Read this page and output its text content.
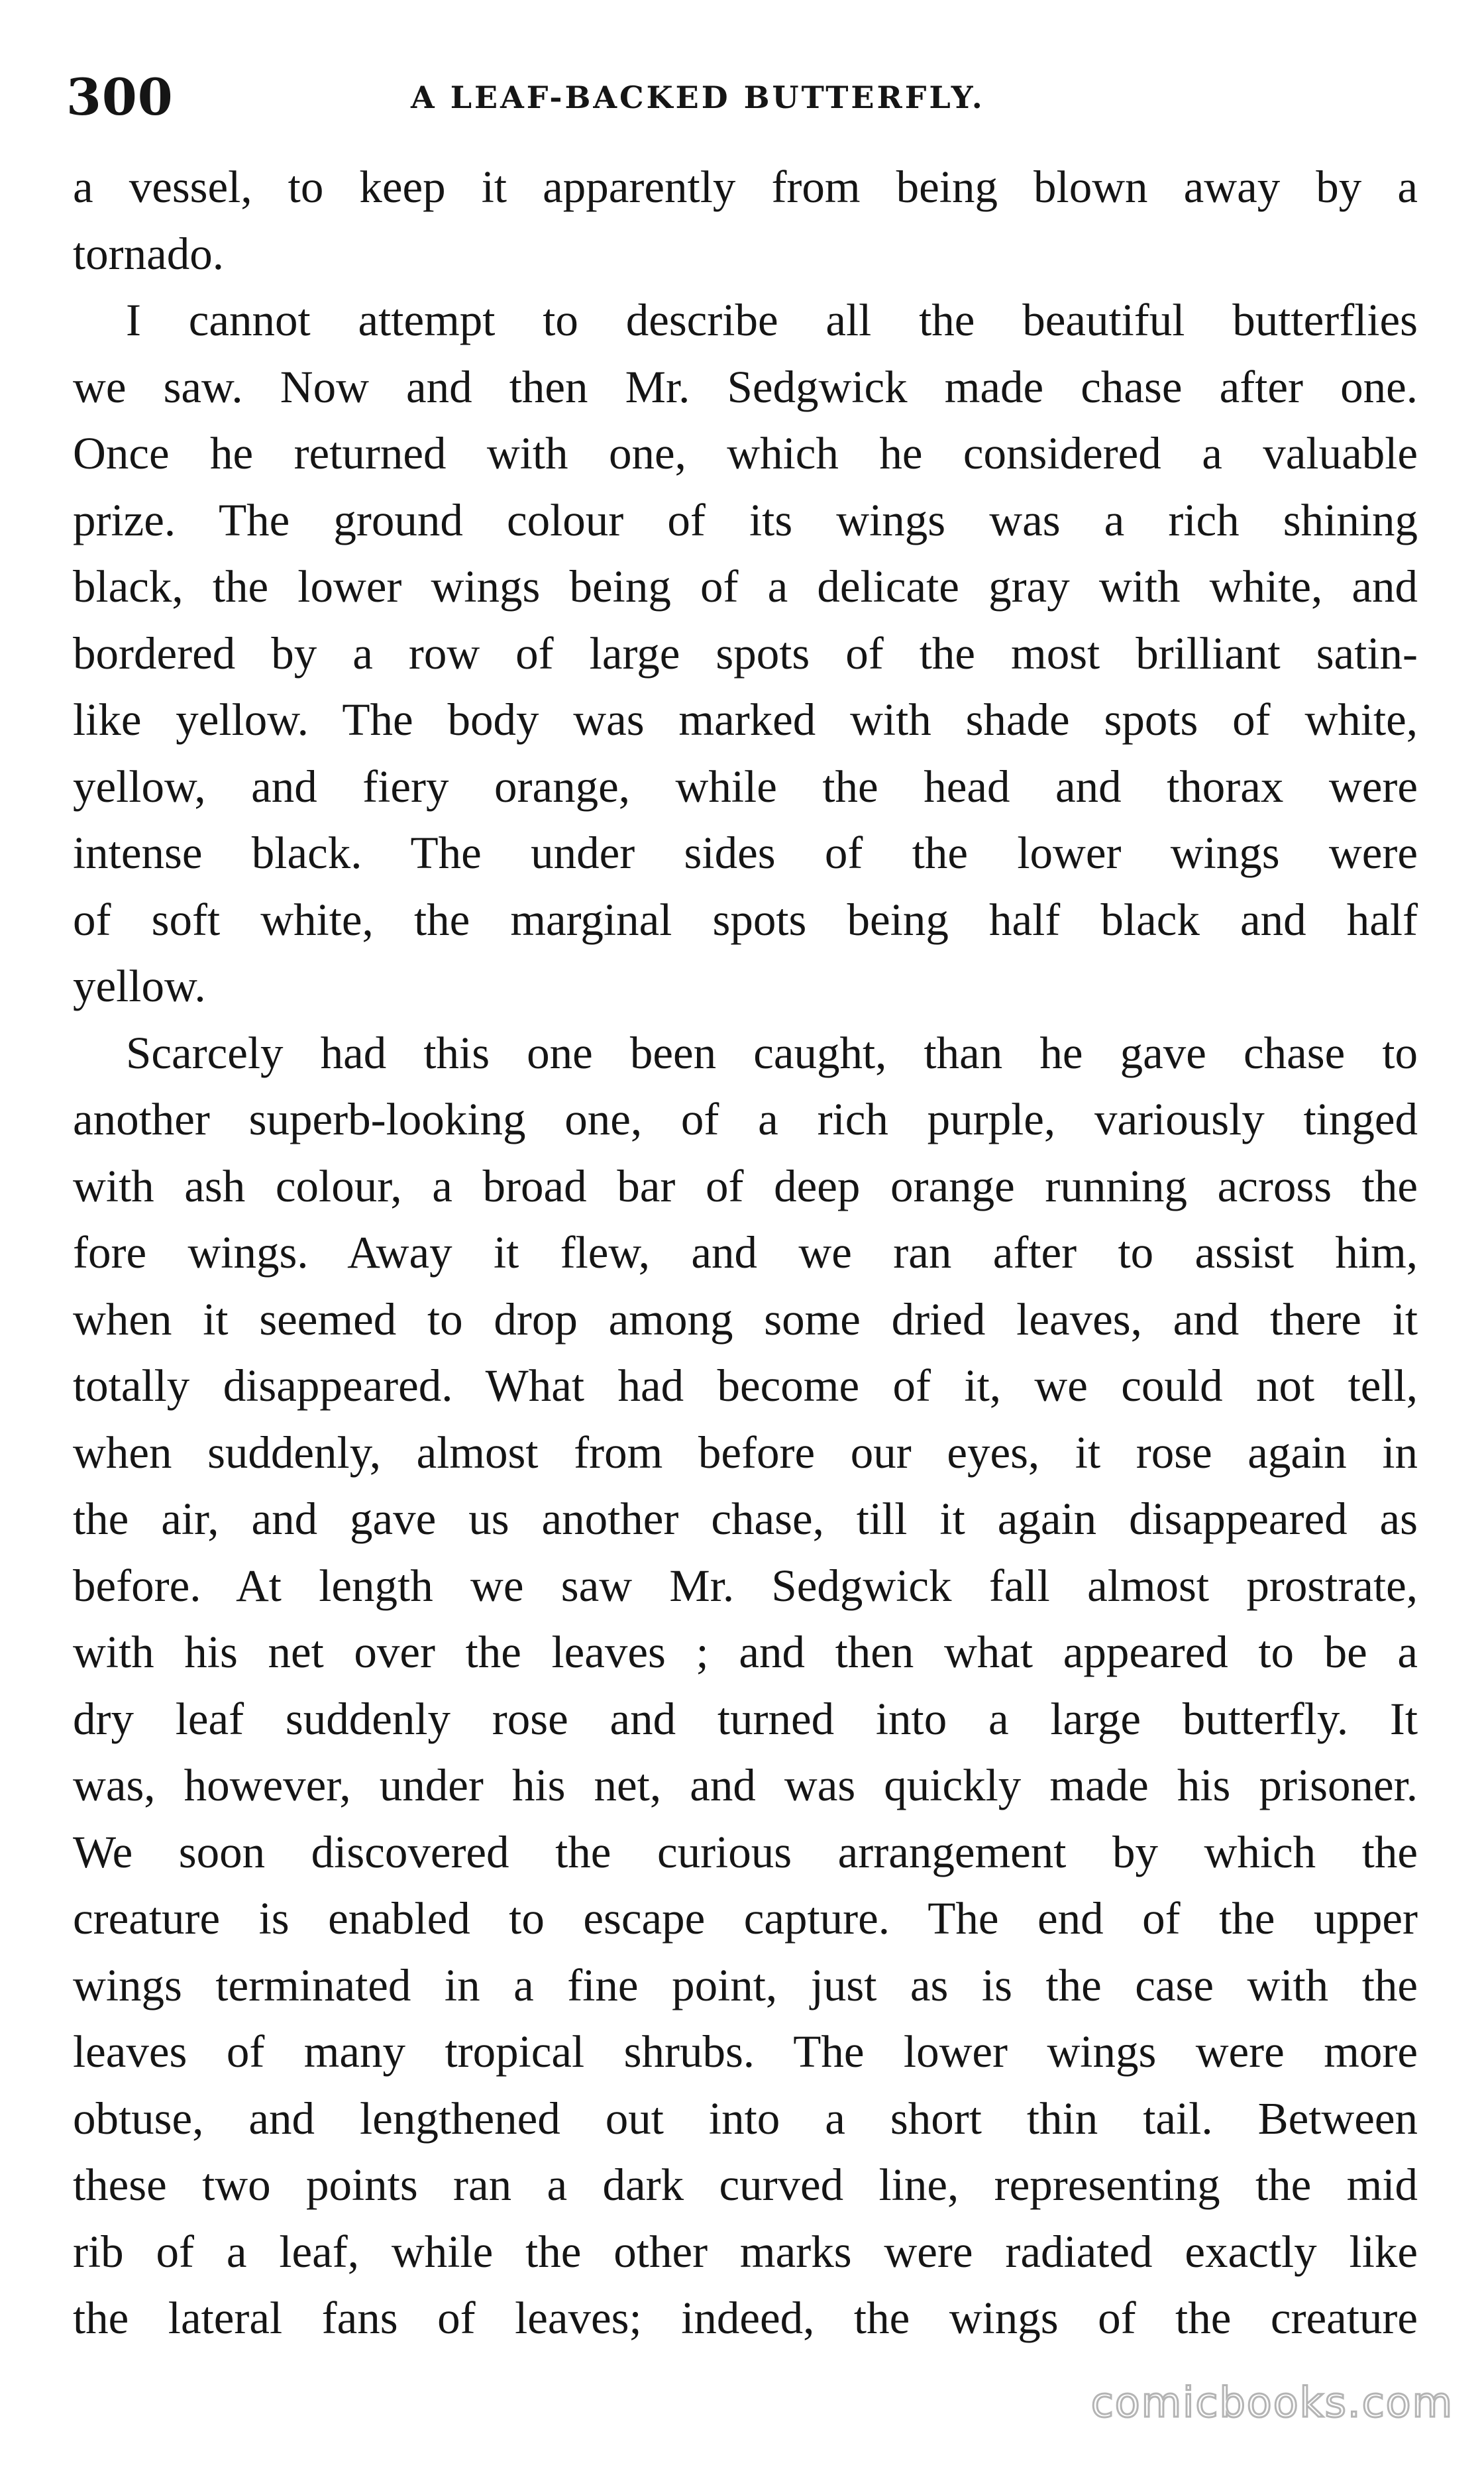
300	A LEAF-BACKED BUTTERFLY.
a vessel, to keep it apparently from being blown away by a
tornado.
I cannot attempt to describe all the beautiful butterflies
we saw. Now and then Mr. Sedgwick made chase after one.
Once he returned with one, which he considered a valuable
prize. The ground colour of its wings was a rich shining
black, the lower wings being of a delicate gray with white, and
bordered by a row of large spots of the most brilliant satin-
like yellow. The body was marked with shade spots of white,
yellow, and fiery orange, while the head and thorax were
intense black. The under sides of the lower wings were
of soft white, the marginal spots being half black and half
yellow.
Scarcely had this one been caught, than he gave chase to
another superb-looking one, of a rich purple, variously tinged
with ash colour, a broad bar of deep orange running across the
fore wings. Away it flew, and we ran after to assist him,
when it seemed to drop among some dried leaves, and there it
totally disappeared. What had become of it, we could not tell,
when suddenly, almost from before our eyes, it rose again in
the air, and gave us another chase, till it again disappeared as
before. At length we saw Mr. Sedgwick fall almost prostrate,
with his net over the leaves ; and then what appeared to be a
dry leaf suddenly rose and turned into a large butterfly. It
was, however, under his net, and was quickly made his prisoner.
We soon discovered the curious arrangement by which the
creature is enabled to escape capture. The end of the upper
wings terminated in a fine point, just as is the case with the
leaves of many tropical shrubs. The lower wings were more
obtuse, and lengthened out into a short thin tail. Between
these two points ran a dark curved line, representing the mid
rib of a leaf, while the other marks were radiated exactly like
the lateral fans of leaves; indeed, the wings of the creature
comicbooks.com
